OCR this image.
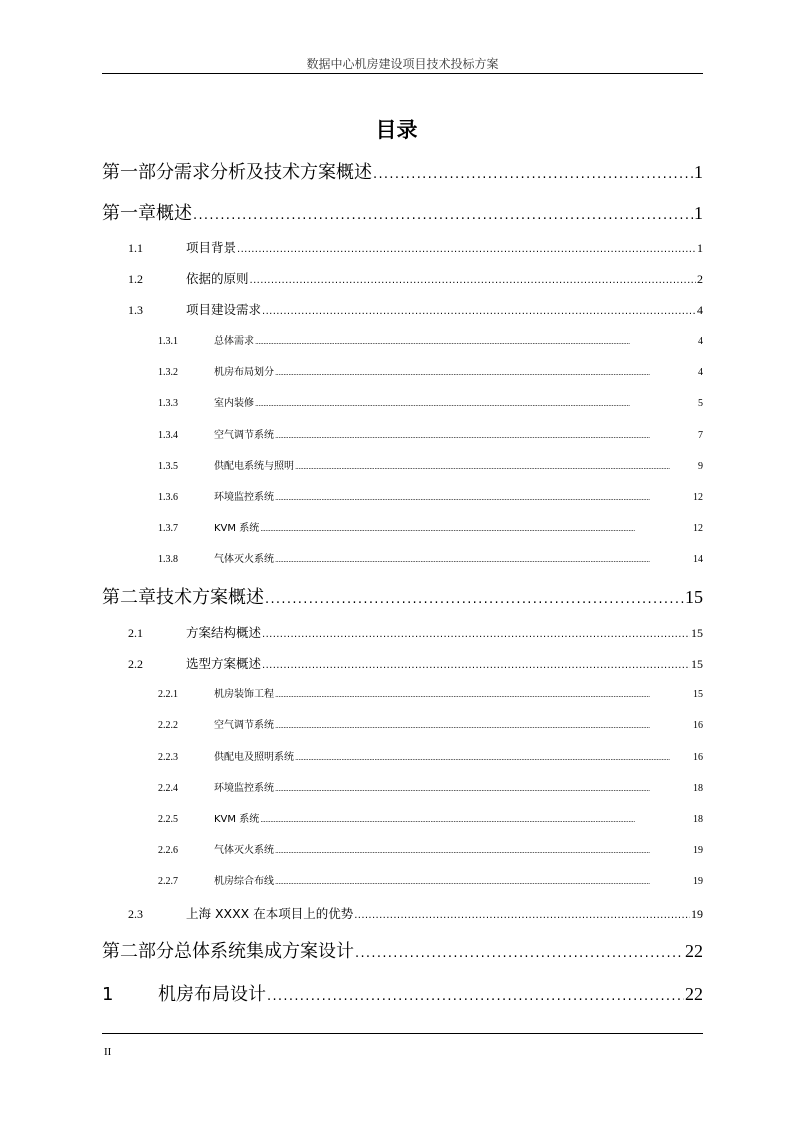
数据中心机房建设项目技术投标方案
目录
第一部分需求分析及技术方案概述 . . .	1
第一章概述 . . .	1
1.1	项目背景 . . .	1
1.2	依据的原则 . . .	2
1.3	项目建设需求 . . .	4
1.3.1	总体需求 . . .	4
1.3.2	机房布局划分 . . .	4
1.3.3	室内装修 . . .	5
1.3.4	空气调节系统 . . .	7
1.3.5	供配电系统与照明 . . .	9
1.3.6	环境监控系统 . . .	12
1.3.7	KVM 系统 . . .	12
1.3.8	气体灭火系统 . . .	14
第二章技术方案概述 . . .	15
2.1	方案结构概述 . . .	15
2.2	选型方案概述 . . .	15
2.2.1	机房装饰工程 . . .	15
2.2.2	空气调节系统 . . .	16
2.2.3	供配电及照明系统 . . .	16
2.2.4	环境监控系统 . . .	18
2.2.5	KVM 系统 . . .	18
2.2.6	气体灭火系统 . . .	19
2.2.7	机房综合布线 . . .	19
2.3	上海 XXXX 在本项目上的优势 . . .	19
第二部分总体系统集成方案设计 . . .	22
1	机房布局设计 . . .	22
II
